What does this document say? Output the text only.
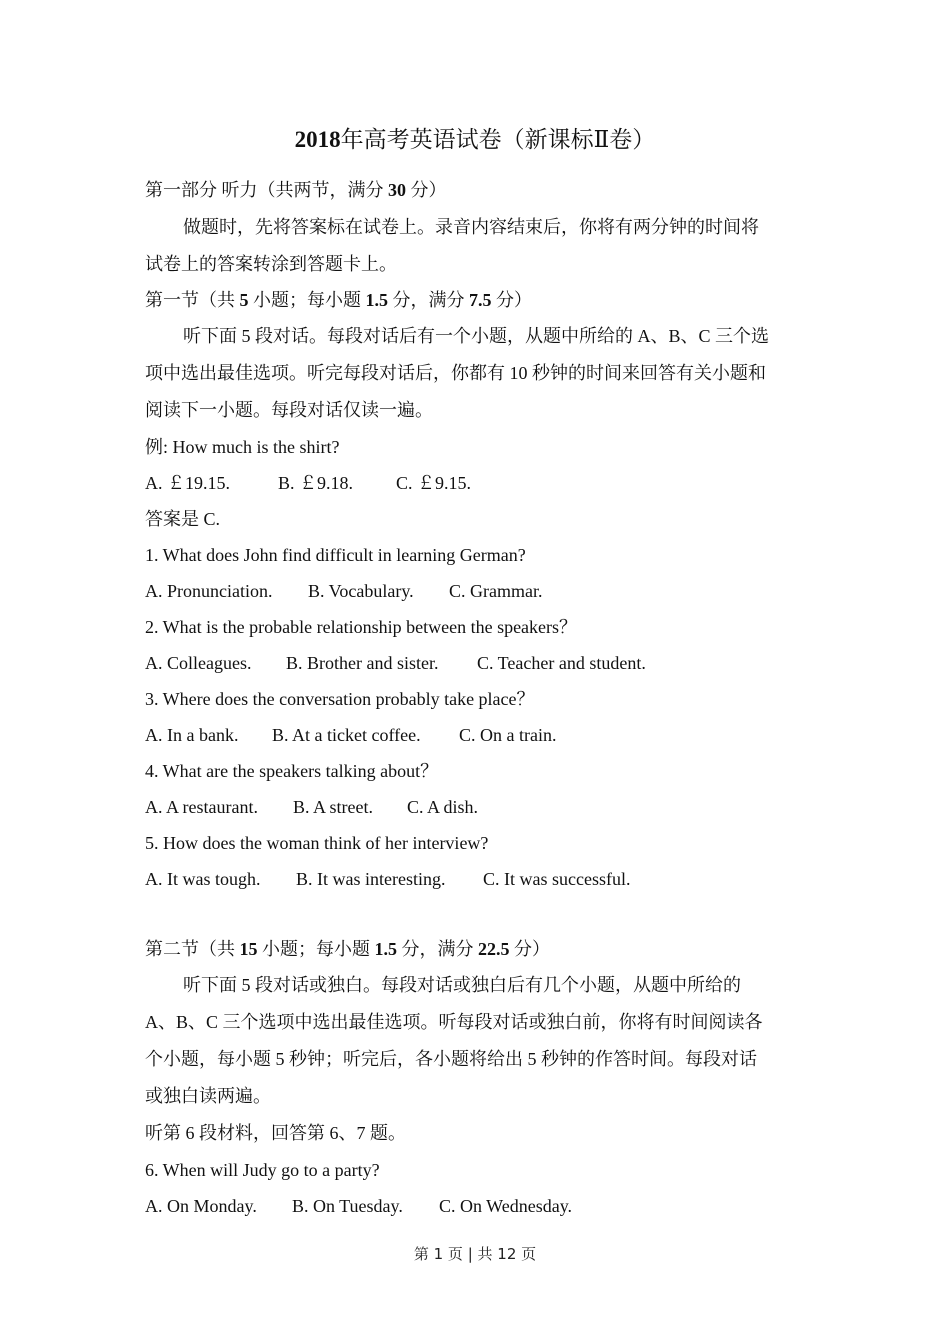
2018年高考英语试卷（新课标Ⅱ卷）
第一部分 听力（共两节，满分 30 分）
做题时，先将答案标在试卷上。录音内容结束后，你将有两分钟的时间将
试卷上的答案转涂到答题卡上。
第一节（共 5 小题；每小题 1.5 分，满分 7.5 分）
听下面 5 段对话。每段对话后有一个小题，从题中所给的 A、B、C 三个选
项中选出最佳选项。听完每段对话后，你都有 10 秒钟的时间来回答有关小题和
阅读下一小题。每段对话仅读一遍。
例: How much is the shirt?
A. ￡19.15.	B. ￡9.18. C. ￡9.15.
答案是 C.
1. What does John find difficult in learning German?
A. Pronunciation. B. Vocabulary. C. Grammar.
2. What is the probable relationship between the speakers？
A. Colleagues. B. Brother and sister. C. Teacher and student.
3. Where does the conversation probably take place？
A. In a bank. B. At a ticket coffee. C. On a train.
4. What are the speakers talking about？
A. A restaurant. B. A street. C. A dish.
5. How does the woman think of her interview?
A. It was tough. B. It was interesting. C. It was successful.
第二节（共 15 小题；每小题 1.5 分，满分 22.5 分）
听下面 5 段对话或独白。每段对话或独白后有几个小题，从题中所给的
A、B、C 三个选项中选出最佳选项。听每段对话或独白前，你将有时间阅读各
个小题，每小题 5 秒钟；听完后，各小题将给出 5 秒钟的作答时间。每段对话
或独白读两遍。
听第 6 段材料，回答第 6、7 题。
6. When will Judy go to a party?
A. On Monday. B. On Tuesday. C. On Wednesday.
第 1 页 | 共 12 页
